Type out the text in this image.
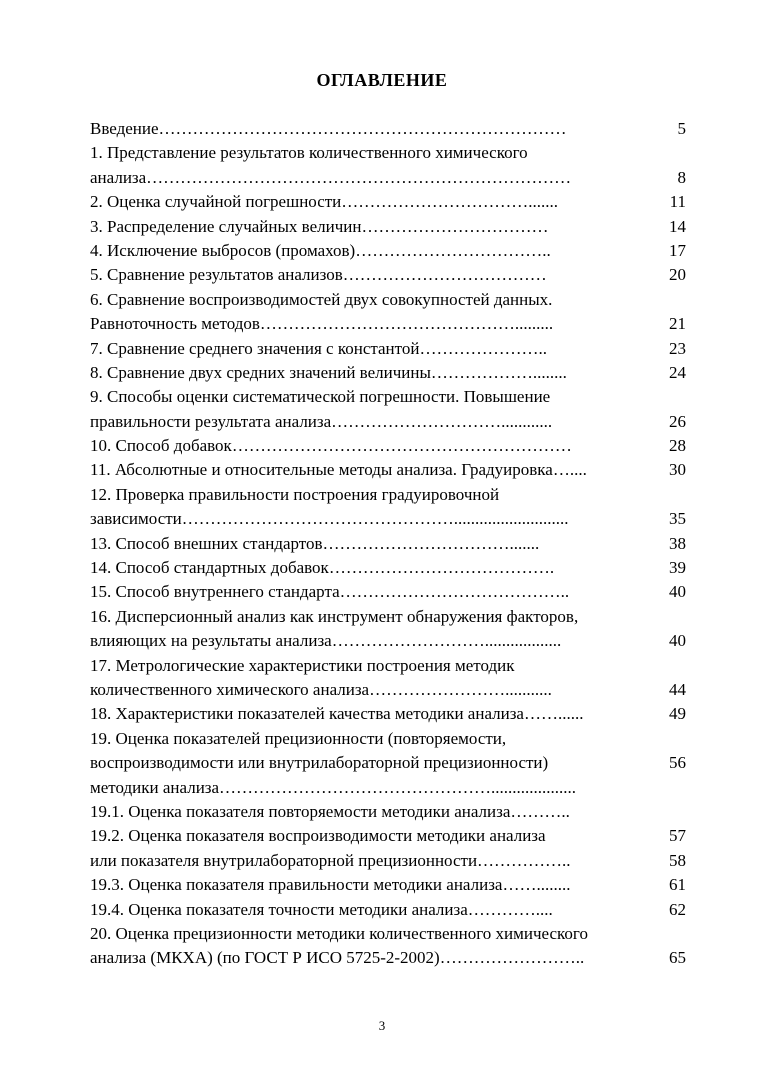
ОГЛАВЛЕНИЕ
Введение………………………………………………………………	5
1. Представление результатов количественного химического
анализа…………………………………………………………………	8
2. Оценка случайной погрешности…………………………….......	11
3. Распределение случайных величин……………………………	14
4. Исключение выбросов (промахов)……………………………..	17
5. Сравнение результатов анализов………………………………	20
6. Сравнение воспроизводимостей двух совокупностей данных.
Равноточность методов……………………………………….........	21
7. Сравнение среднего значения с константой…………………..	23
8. Сравнение двух средних значений величины………………........	24
9. Способы оценки систематической погрешности. Повышение
правильности результата анализа…………………………............	26
10. Способ добавок……………………………………………………	28
11. Абсолютные и относительные методы анализа. Градуировка…....	30
12. Проверка правильности построения градуировочной
зависимости…………………………………………...........................	35
13. Способ внешних стандартов…………………………….......	38
14. Способ стандартных добавок………………………………….	39
15. Способ внутреннего стандарта…………………………………..	40
16. Дисперсионный анализ как инструмент обнаружения факторов,
влияющих на результаты анализа………………………..................	40
17. Метрологические характеристики построения методик
количественного химического анализа……………………...........	44
18. Характеристики показателей качества методики анализа……......	49
19. Оценка показателей прецизионности (повторяемости,
воспроизводимости или внутрилабораторной прецизионности)	56
методики анализа…………………………………………....................
19.1. Оценка показателя повторяемости методики анализа………..
19.2. Оценка показателя воспроизводимости методики анализа	57
или показателя внутрилабораторной прецизионности……………..	58
19.3. Оценка показателя правильности методики анализа……........	61
19.4. Оценка показателя точности методики анализа…………....	62
20. Оценка прецизионности методики количественного химического
анализа (МКХА) (по ГОСТ Р ИСО 5725-2-2002)……………………..	65
3
